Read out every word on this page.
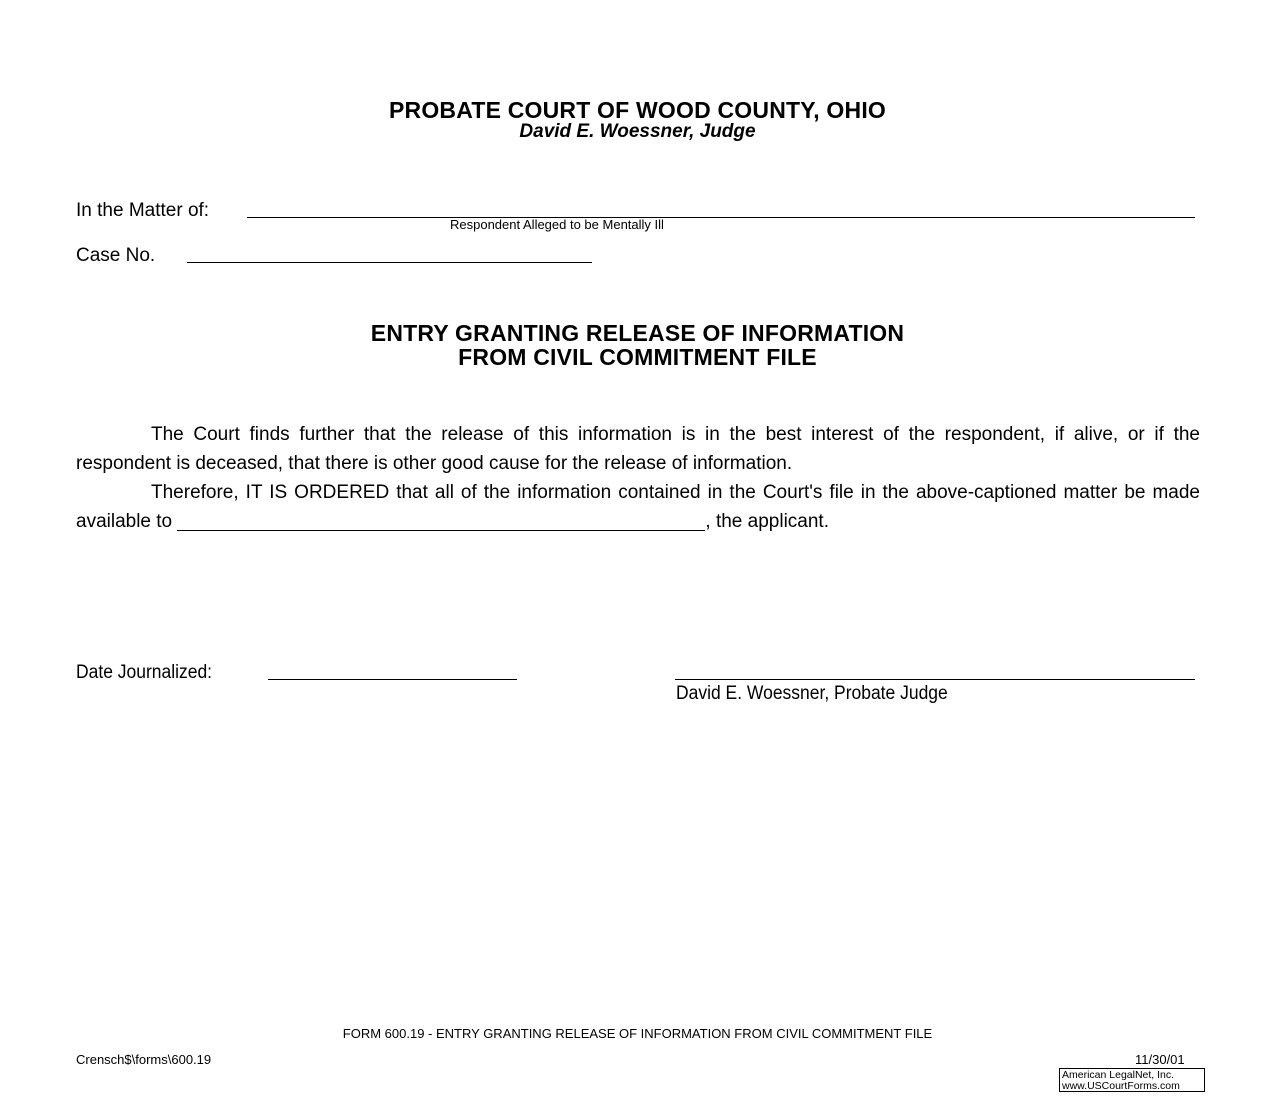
PROBATE COURT OF WOOD COUNTY, OHIO
David E. Woessner, Judge
In the Matter of:
Respondent Alleged to be Mentally Ill
Case No.
ENTRY GRANTING RELEASE OF INFORMATION
FROM CIVIL COMMITMENT FILE

The Court finds further that the release of this information is in the best interest of the respondent, if alive, or if the respondent is deceased, that there is other good cause for the release of information.

Therefore, IT IS ORDERED that all of the information contained in the Court's file in the above-captioned matter be made available to	, the applicant.

Date Journalized:
David E. Woessner, Probate Judge
FORM 600.19 - ENTRY GRANTING RELEASE OF INFORMATION FROM CIVIL COMMITMENT FILE
Crensch$\forms\600.19	11/30/01
American LegalNet, Inc.
www.USCourtForms.com
